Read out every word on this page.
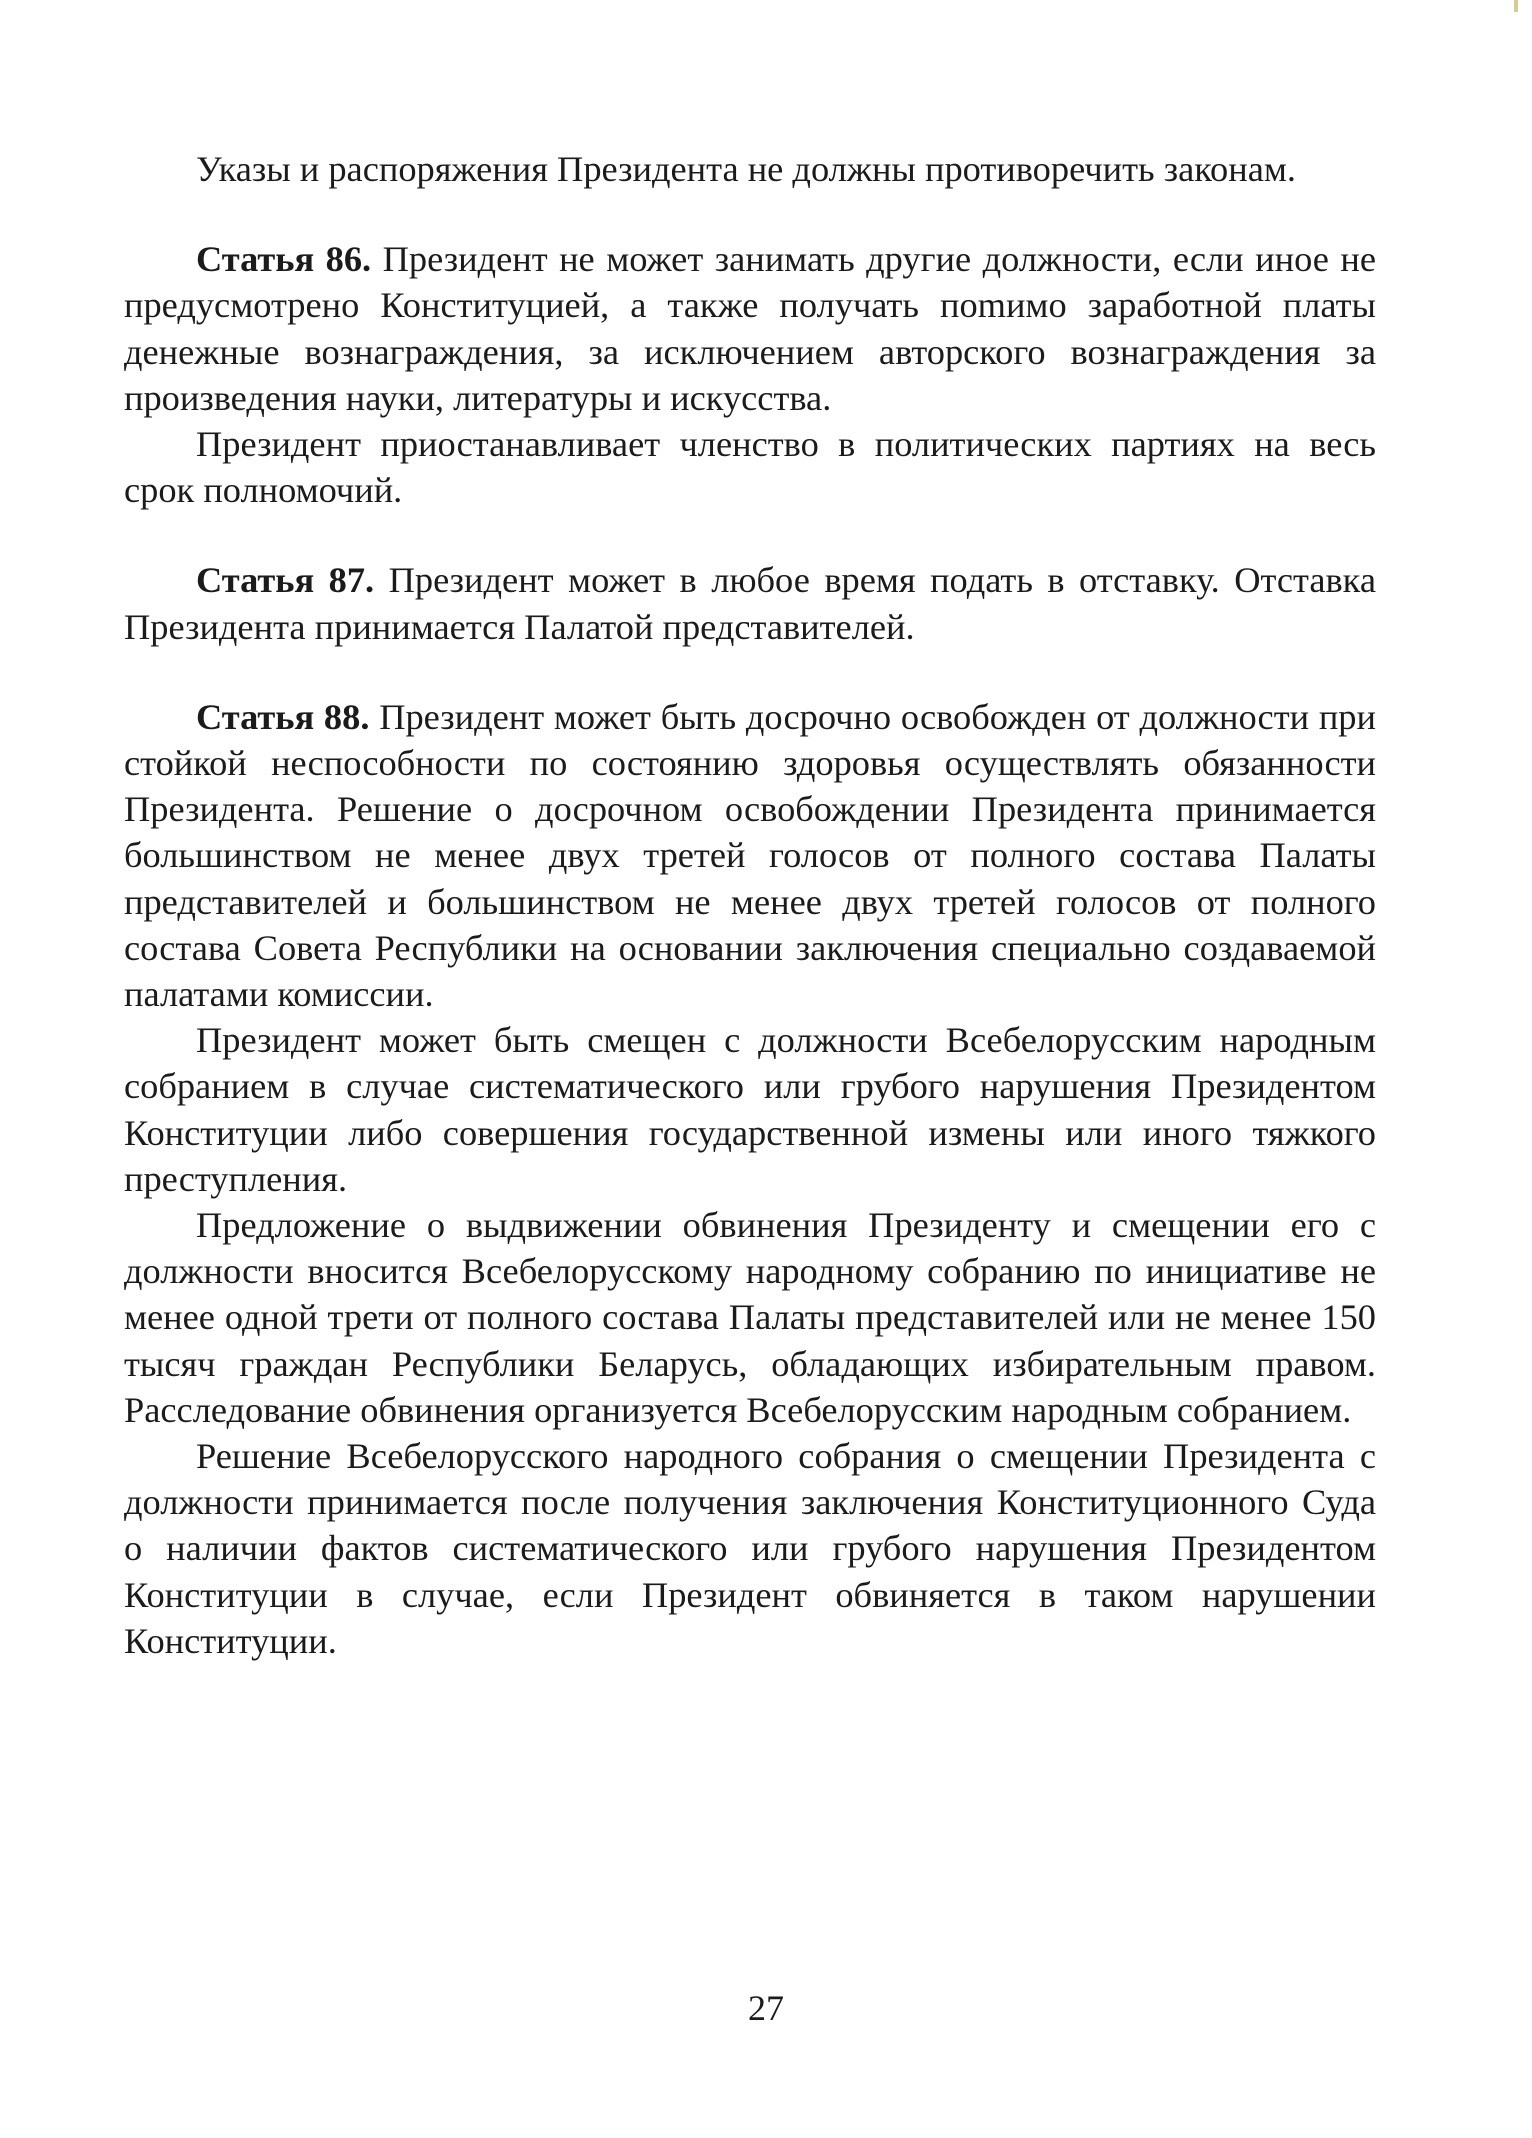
Указы и распоряжения Президента не должны противоречить законам.

Статья 86. Президент не может занимать другие должности, если иное не предусмотрено Конституцией, а также получать поmимо заработной платы денежные вознаграждения, за исключением авторского вознаграждения за произведения науки, литературы и искусства.

Президент приостанавливает членство в политических партиях на весь срок полномочий.

Статья 87. Президент может в любое время подать в отставку. Отставка Президента принимается Палатой представителей.

Статья 88. Президент может быть досрочно освобожден от должности при стойкой неспособности по состоянию здоровья осуществлять обязанности Президента. Решение о досрочном освобождении Президента принимается большинством не менее двух третей голосов от полного состава Палаты представителей и большинством не менее двух третей голосов от полного состава Совета Республики на основании заключения специально создаваемой палатами комиссии.

Президент может быть смещен с должности Всебелорусским народным собранием в случае систематического или грубого нарушения Президентом Конституции либо совершения государственной измены или иного тяжкого преступления.

Предложение о выдвижении обвинения Президенту и смещении его с должности вносится Всебелорусскому народному собранию по инициативе не менее одной трети от полного состава Палаты представителей или не менее 150 тысяч граждан Республики Беларусь, обладающих избирательным правом. Расследование обвинения организуется Всебелорусским народным собранием.

Решение Всебелорусского народного собрания о смещении Президента с должности принимается после получения заключения Конституционного Суда о наличии фактов систематического или грубого нарушения Президентом Конституции в случае, если Президент обвиняется в таком нарушении Конституции.

27
